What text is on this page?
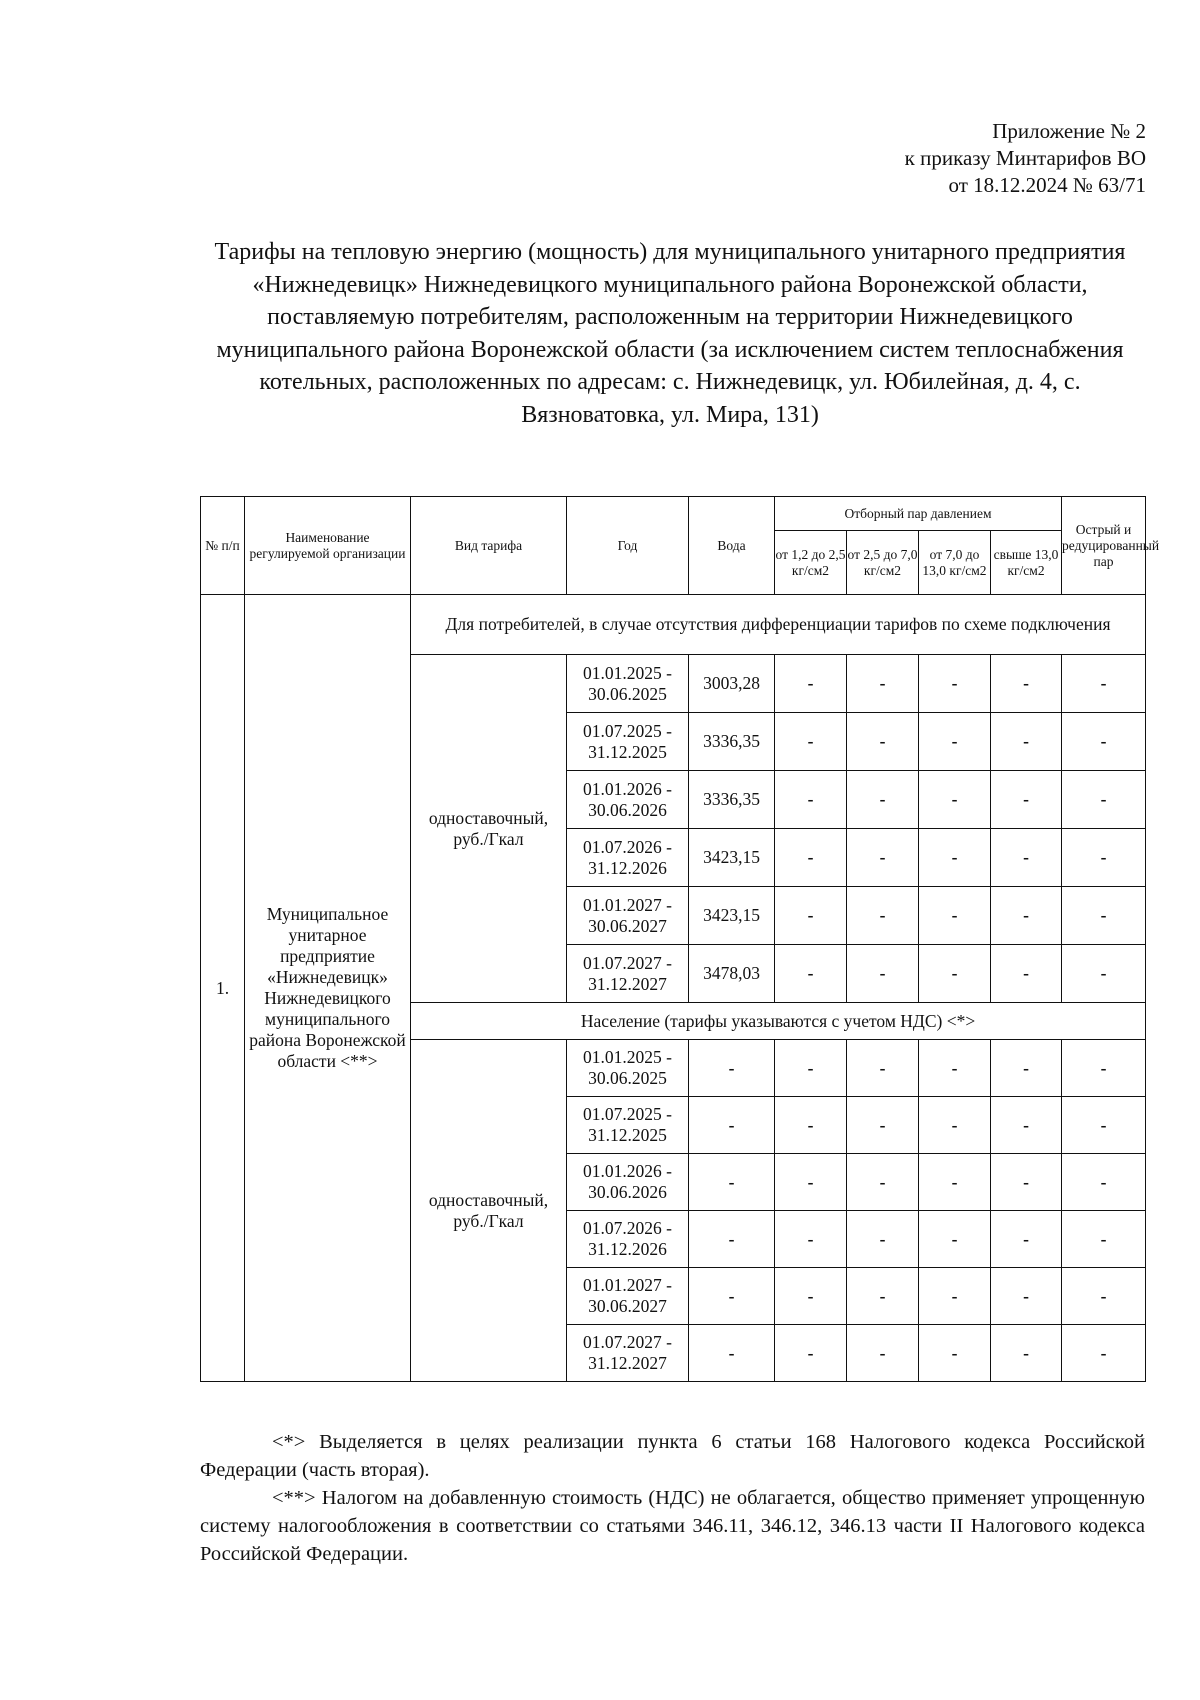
Приложение № 2
к приказу Минтарифов ВО
от 18.12.2024 № 63/71
Тарифы на тепловую энергию (мощность) для муниципального унитарного предприятия «Нижнедевицк» Нижнедевицкого муниципального района Воронежской области, поставляемую потребителям, расположенным на территории Нижнедевицкого муниципального района Воронежской области (за исключением систем теплоснабжения котельных, расположенных по адресам: с. Нижнедевицк, ул. Юбилейная, д. 4, с. Вязноватовка, ул. Мира, 131)
№ п/п	Наименование регулируемой организации	Вид тарифа	Год	Вода	Отборный пар давлением				Острый и редуцированный пар
					от 1,2 до 2,5 кг/см2	от 2,5 до 7,0 кг/см2	от 7,0 до 13,0 кг/см2	свыше 13,0 кг/см2	
1.	Муниципальное унитарное предприятие «Нижнедевицк» Нижнедевицкого муниципального района Воронежской области <**>	Для потребителей, в случае отсутствия дифференциации тарифов по схеме подключения							
		одноставочный, руб./Гкал	01.01.2025 - 30.06.2025	3003,28	-	-	-	-	-
			01.07.2025 - 31.12.2025	3336,35	-	-	-	-	-
			01.01.2026 - 30.06.2026	3336,35	-	-	-	-	-
			01.07.2026 - 31.12.2026	3423,15	-	-	-	-	-
			01.01.2027 - 30.06.2027	3423,15	-	-	-	-	-
			01.07.2027 - 31.12.2027	3478,03	-	-	-	-	-
		Население (тарифы указываются с учетом НДС) <*>							
		одноставочный, руб./Гкал	01.01.2025 - 30.06.2025	-	-	-	-	-	-
			01.07.2025 - 31.12.2025	-	-	-	-	-	-
			01.01.2026 - 30.06.2026	-	-	-	-	-	-
			01.07.2026 - 31.12.2026	-	-	-	-	-	-
			01.01.2027 - 30.06.2027	-	-	-	-	-	-
			01.07.2027 - 31.12.2027	-	-	-	-	-	-

<*> Выделяется в целях реализации пункта 6 статьи 168 Налогового кодекса Российской Федерации (часть вторая).

<**> Налогом на добавленную стоимость (НДС) не облагается, общество применяет упрощенную систему налогообложения в соответствии со статьями 346.11, 346.12, 346.13 части II Налогового кодекса Российской Федерации.
